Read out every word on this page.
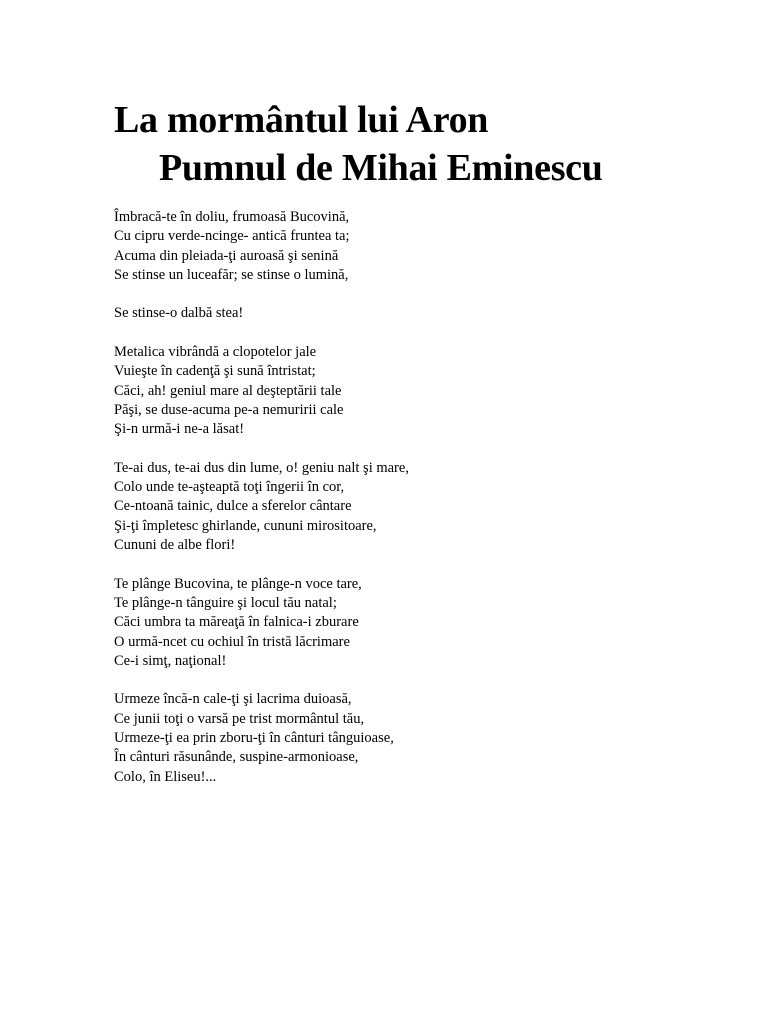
La mormântul lui Aron
Pumnul de Mihai Eminescu
Îmbracă-te în doliu, frumoasă Bucovină,
Cu cipru verde-ncinge- antică fruntea ta;
Acuma din pleiada-ţi auroasă şi senină
Se stinse un luceafăr; se stinse o lumină,
Se stinse-o dalbă stea!
Metalica vibrândă a clopotelor jale
Vuieşte în cadenţă şi sună întristat;
Căci, ah! geniul mare al deşteptării tale
Păşi, se duse-acuma pe-a nemuririi cale
Şi-n urmă-i ne-a lăsat!
Te-ai dus, te-ai dus din lume, o! geniu nalt şi mare,
Colo unde te-aşteaptă toţi îngerii în cor,
Ce-ntoană tainic, dulce a sferelor cântare
Şi-ţi împletesc ghirlande, cununi mirositoare,
Cununi de albe flori!
Te plânge Bucovina, te plânge-n voce tare,
Te plânge-n tânguire şi locul tău natal;
Căci umbra ta măreaţă în falnica-i zburare
O urmă-ncet cu ochiul în tristă lăcrimare
Ce-i simţ, naţional!
Urmeze încă-n cale-ţi şi lacrima duioasă,
Ce junii toţi o varsă pe trist mormântul tău,
Urmeze-ţi ea prin zboru-ţi în cânturi tânguioase,
În cânturi răsunânde, suspine-armonioase,
Colo, în Eliseu!...
